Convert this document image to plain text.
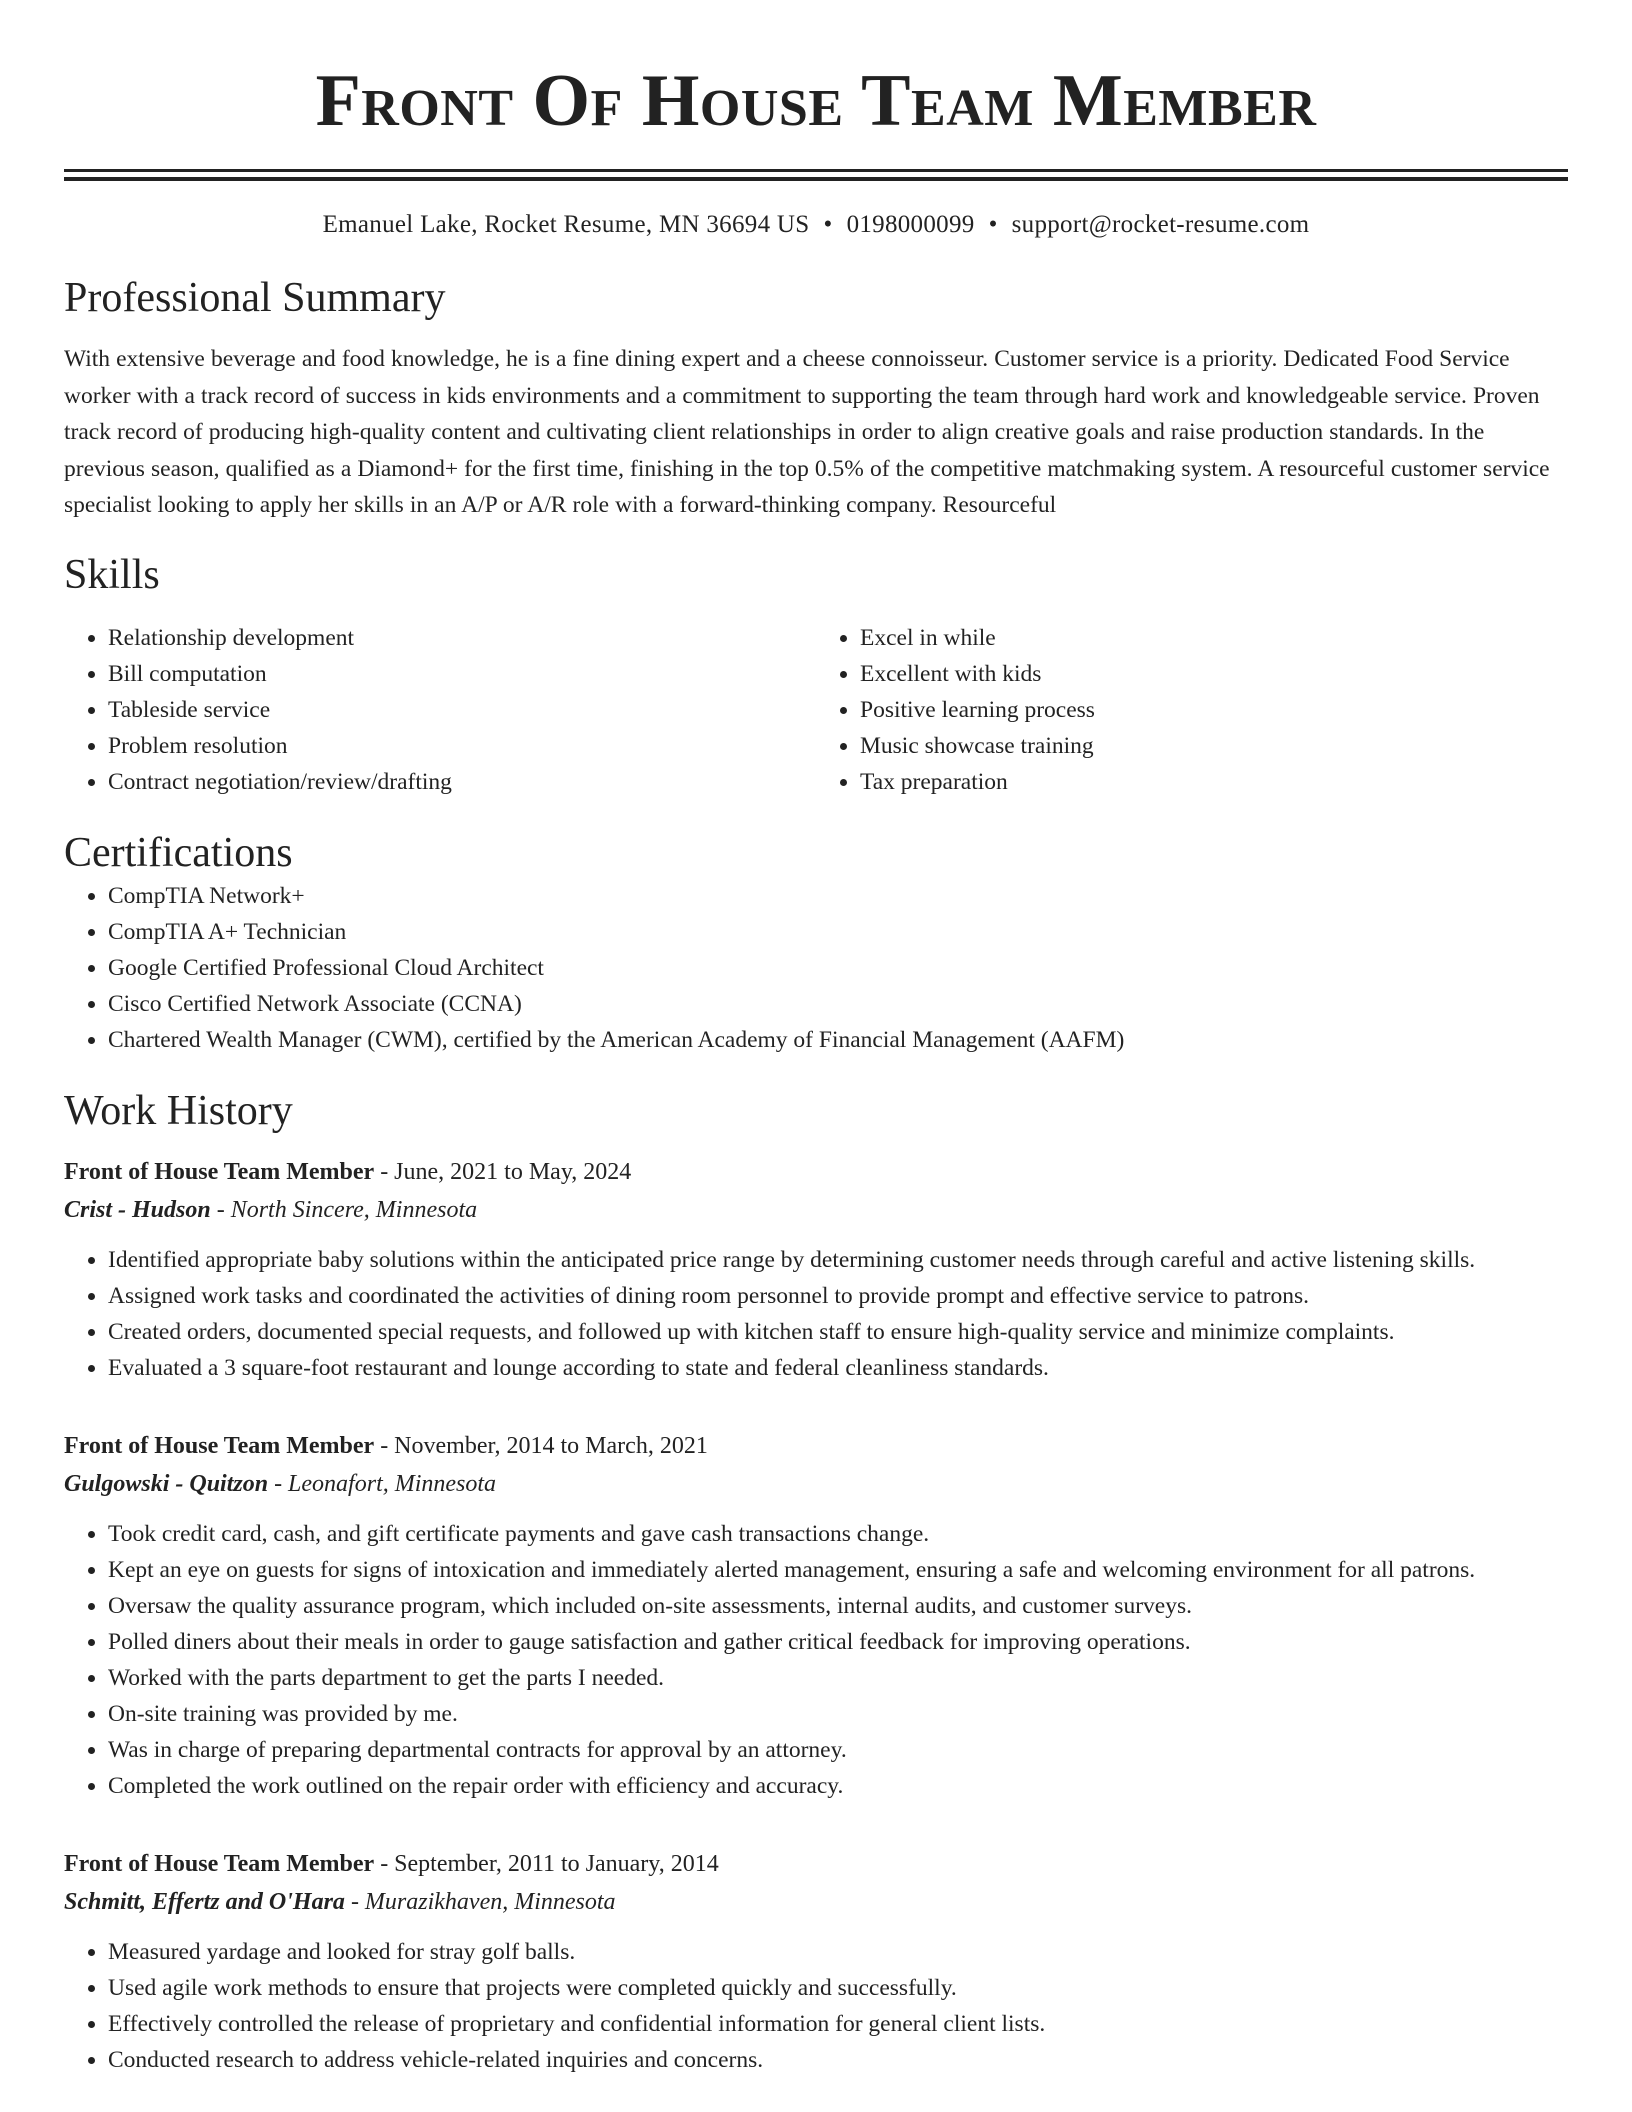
Front Of House Team Member
Emanuel Lake, Rocket Resume, MN 36694 US • 0198000099 • support@rocket-resume.com
Professional Summary
With extensive beverage and food knowledge, he is a fine dining expert and a cheese connoisseur. Customer service is a priority. Dedicated Food Service worker with a track record of success in kids environments and a commitment to supporting the team through hard work and knowledgeable service. Proven track record of producing high-quality content and cultivating client relationships in order to align creative goals and raise production standards. In the previous season, qualified as a Diamond+ for the first time, finishing in the top 0.5% of the competitive matchmaking system. A resourceful customer service specialist looking to apply her skills in an A/P or A/R role with a forward-thinking company. Resourceful
Skills
• Relationship development
• Bill computation
• Tableside service
• Problem resolution
• Contract negotiation/review/drafting
• Excel in while
• Excellent with kids
• Positive learning process
• Music showcase training
• Tax preparation
Certifications
• CompTIA Network+
• CompTIA A+ Technician
• Google Certified Professional Cloud Architect
• Cisco Certified Network Associate (CCNA)
• Chartered Wealth Manager (CWM), certified by the American Academy of Financial Management (AAFM)
Work History
Front of House Team Member - June, 2021 to May, 2024
Crist - Hudson - North Sincere, Minnesota
• Identified appropriate baby solutions within the anticipated price range by determining customer needs through careful and active listening skills.
• Assigned work tasks and coordinated the activities of dining room personnel to provide prompt and effective service to patrons.
• Created orders, documented special requests, and followed up with kitchen staff to ensure high-quality service and minimize complaints.
• Evaluated a 3 square-foot restaurant and lounge according to state and federal cleanliness standards.
Front of House Team Member - November, 2014 to March, 2021
Gulgowski - Quitzon - Leonafort, Minnesota
• Took credit card, cash, and gift certificate payments and gave cash transactions change.
• Kept an eye on guests for signs of intoxication and immediately alerted management, ensuring a safe and welcoming environment for all patrons.
• Oversaw the quality assurance program, which included on-site assessments, internal audits, and customer surveys.
• Polled diners about their meals in order to gauge satisfaction and gather critical feedback for improving operations.
• Worked with the parts department to get the parts I needed.
• On-site training was provided by me.
• Was in charge of preparing departmental contracts for approval by an attorney.
• Completed the work outlined on the repair order with efficiency and accuracy.
Front of House Team Member - September, 2011 to January, 2014
Schmitt, Effertz and O'Hara - Murazikhaven, Minnesota
• Measured yardage and looked for stray golf balls.
• Used agile work methods to ensure that projects were completed quickly and successfully.
• Effectively controlled the release of proprietary and confidential information for general client lists.
• Conducted research to address vehicle-related inquiries and concerns.
